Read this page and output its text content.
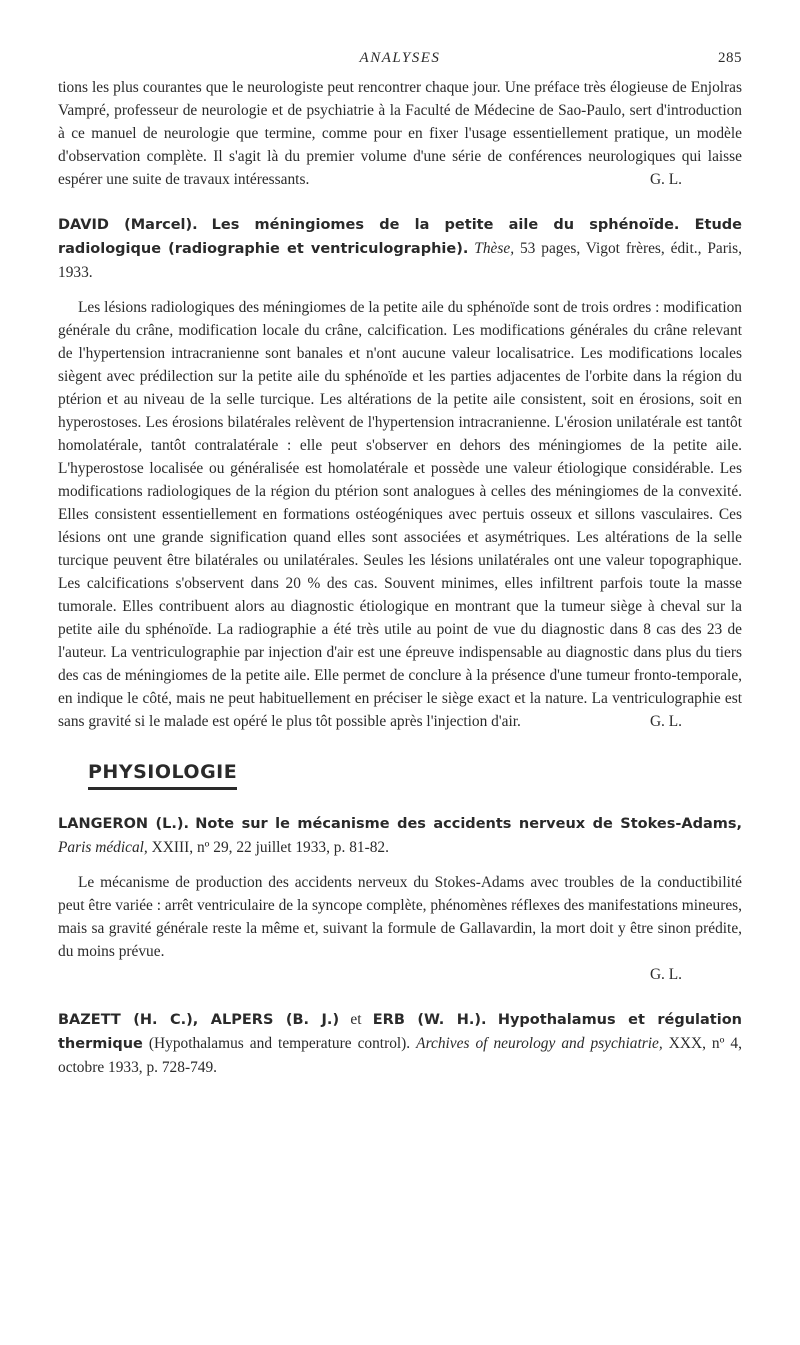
ANALYSES	285

tions les plus courantes que le neurologiste peut rencontrer chaque jour. Une préface très élogieuse de Enjolras Vampré, professeur de neurologie et de psychiatrie à la Faculté de Médecine de Sao-Paulo, sert d'introduction à ce manuel de neurologie que termine, comme pour en fixer l'usage essentiellement pratique, un modèle d'observation complète. Il s'agit là du premier volume d'une série de conférences neurologiques qui laisse espérer une suite de travaux intéressants.	G. L.

DAVID (Marcel). Les méningiomes de la petite aile du sphénoïde. Etude radiologique (radiographie et ventriculographie). Thèse, 53 pages, Vigot frères, édit., Paris, 1933.

Les lésions radiologiques des méningiomes de la petite aile du sphénoïde sont de trois ordres : modification générale du crâne, modification locale du crâne, calcification. Les modifications générales du crâne relevant de l'hypertension intracranienne sont banales et n'ont aucune valeur localisatrice. Les modifications locales siègent avec prédilection sur la petite aile du sphénoïde et les parties adjacentes de l'orbite dans la région du ptérion et au niveau de la selle turcique. Les altérations de la petite aile consistent, soit en érosions, soit en hyperostoses. Les érosions bilatérales relèvent de l'hypertension intracranienne. L'érosion unilatérale est tantôt homolatérale, tantôt contralatérale : elle peut s'observer en dehors des méningiomes de la petite aile. L'hyperostose localisée ou généralisée est homolatérale et possède une valeur étiologique considérable. Les modifications radiologiques de la région du ptérion sont analogues à celles des méningiomes de la convexité. Elles consistent essentiellement en formations ostéogéniques avec pertuis osseux et sillons vasculaires. Ces lésions ont une grande signification quand elles sont associées et asymétriques. Les altérations de la selle turcique peuvent être bilatérales ou unilatérales. Seules les lésions unilatérales ont une valeur topographique. Les calcifications s'observent dans 20 % des cas. Souvent minimes, elles infiltrent parfois toute la masse tumorale. Elles contribuent alors au diagnostic étiologique en montrant que la tumeur siège à cheval sur la petite aile du sphénoïde. La radiographie a été très utile au point de vue du diagnostic dans 8 cas des 23 de l'auteur. La ventriculographie par injection d'air est une épreuve indispensable au diagnostic dans plus du tiers des cas de méningiomes de la petite aile. Elle permet de conclure à la présence d'une tumeur fronto-temporale, en indique le côté, mais ne peut habituellement en préciser le siège exact et la nature. La ventriculographie est sans gravité si le malade est opéré le plus tôt possible après l'injection d'air.	G. L.

PHYSIOLOGIE
LANGERON (L.). Note sur le mécanisme des accidents nerveux de Stokes-Adams, Paris médical, XXIII, nº 29, 22 juillet 1933, p. 81-82.

Le mécanisme de production des accidents nerveux du Stokes-Adams avec troubles de la conductibilité peut être variée : arrêt ventriculaire de la syncope complète, phénomènes réflexes des manifestations mineures, mais sa gravité générale reste la même et, suivant la formule de Gallavardin, la mort doit y être sinon prédite, du moins prévue.

G. L.
BAZETT (H. C.), ALPERS (B. J.) et ERB (W. H.). Hypothalamus et régulation thermique (Hypothalamus and temperature control). Archives of neurology and psychiatrie, XXX, nº 4, octobre 1933, p. 728-749.
